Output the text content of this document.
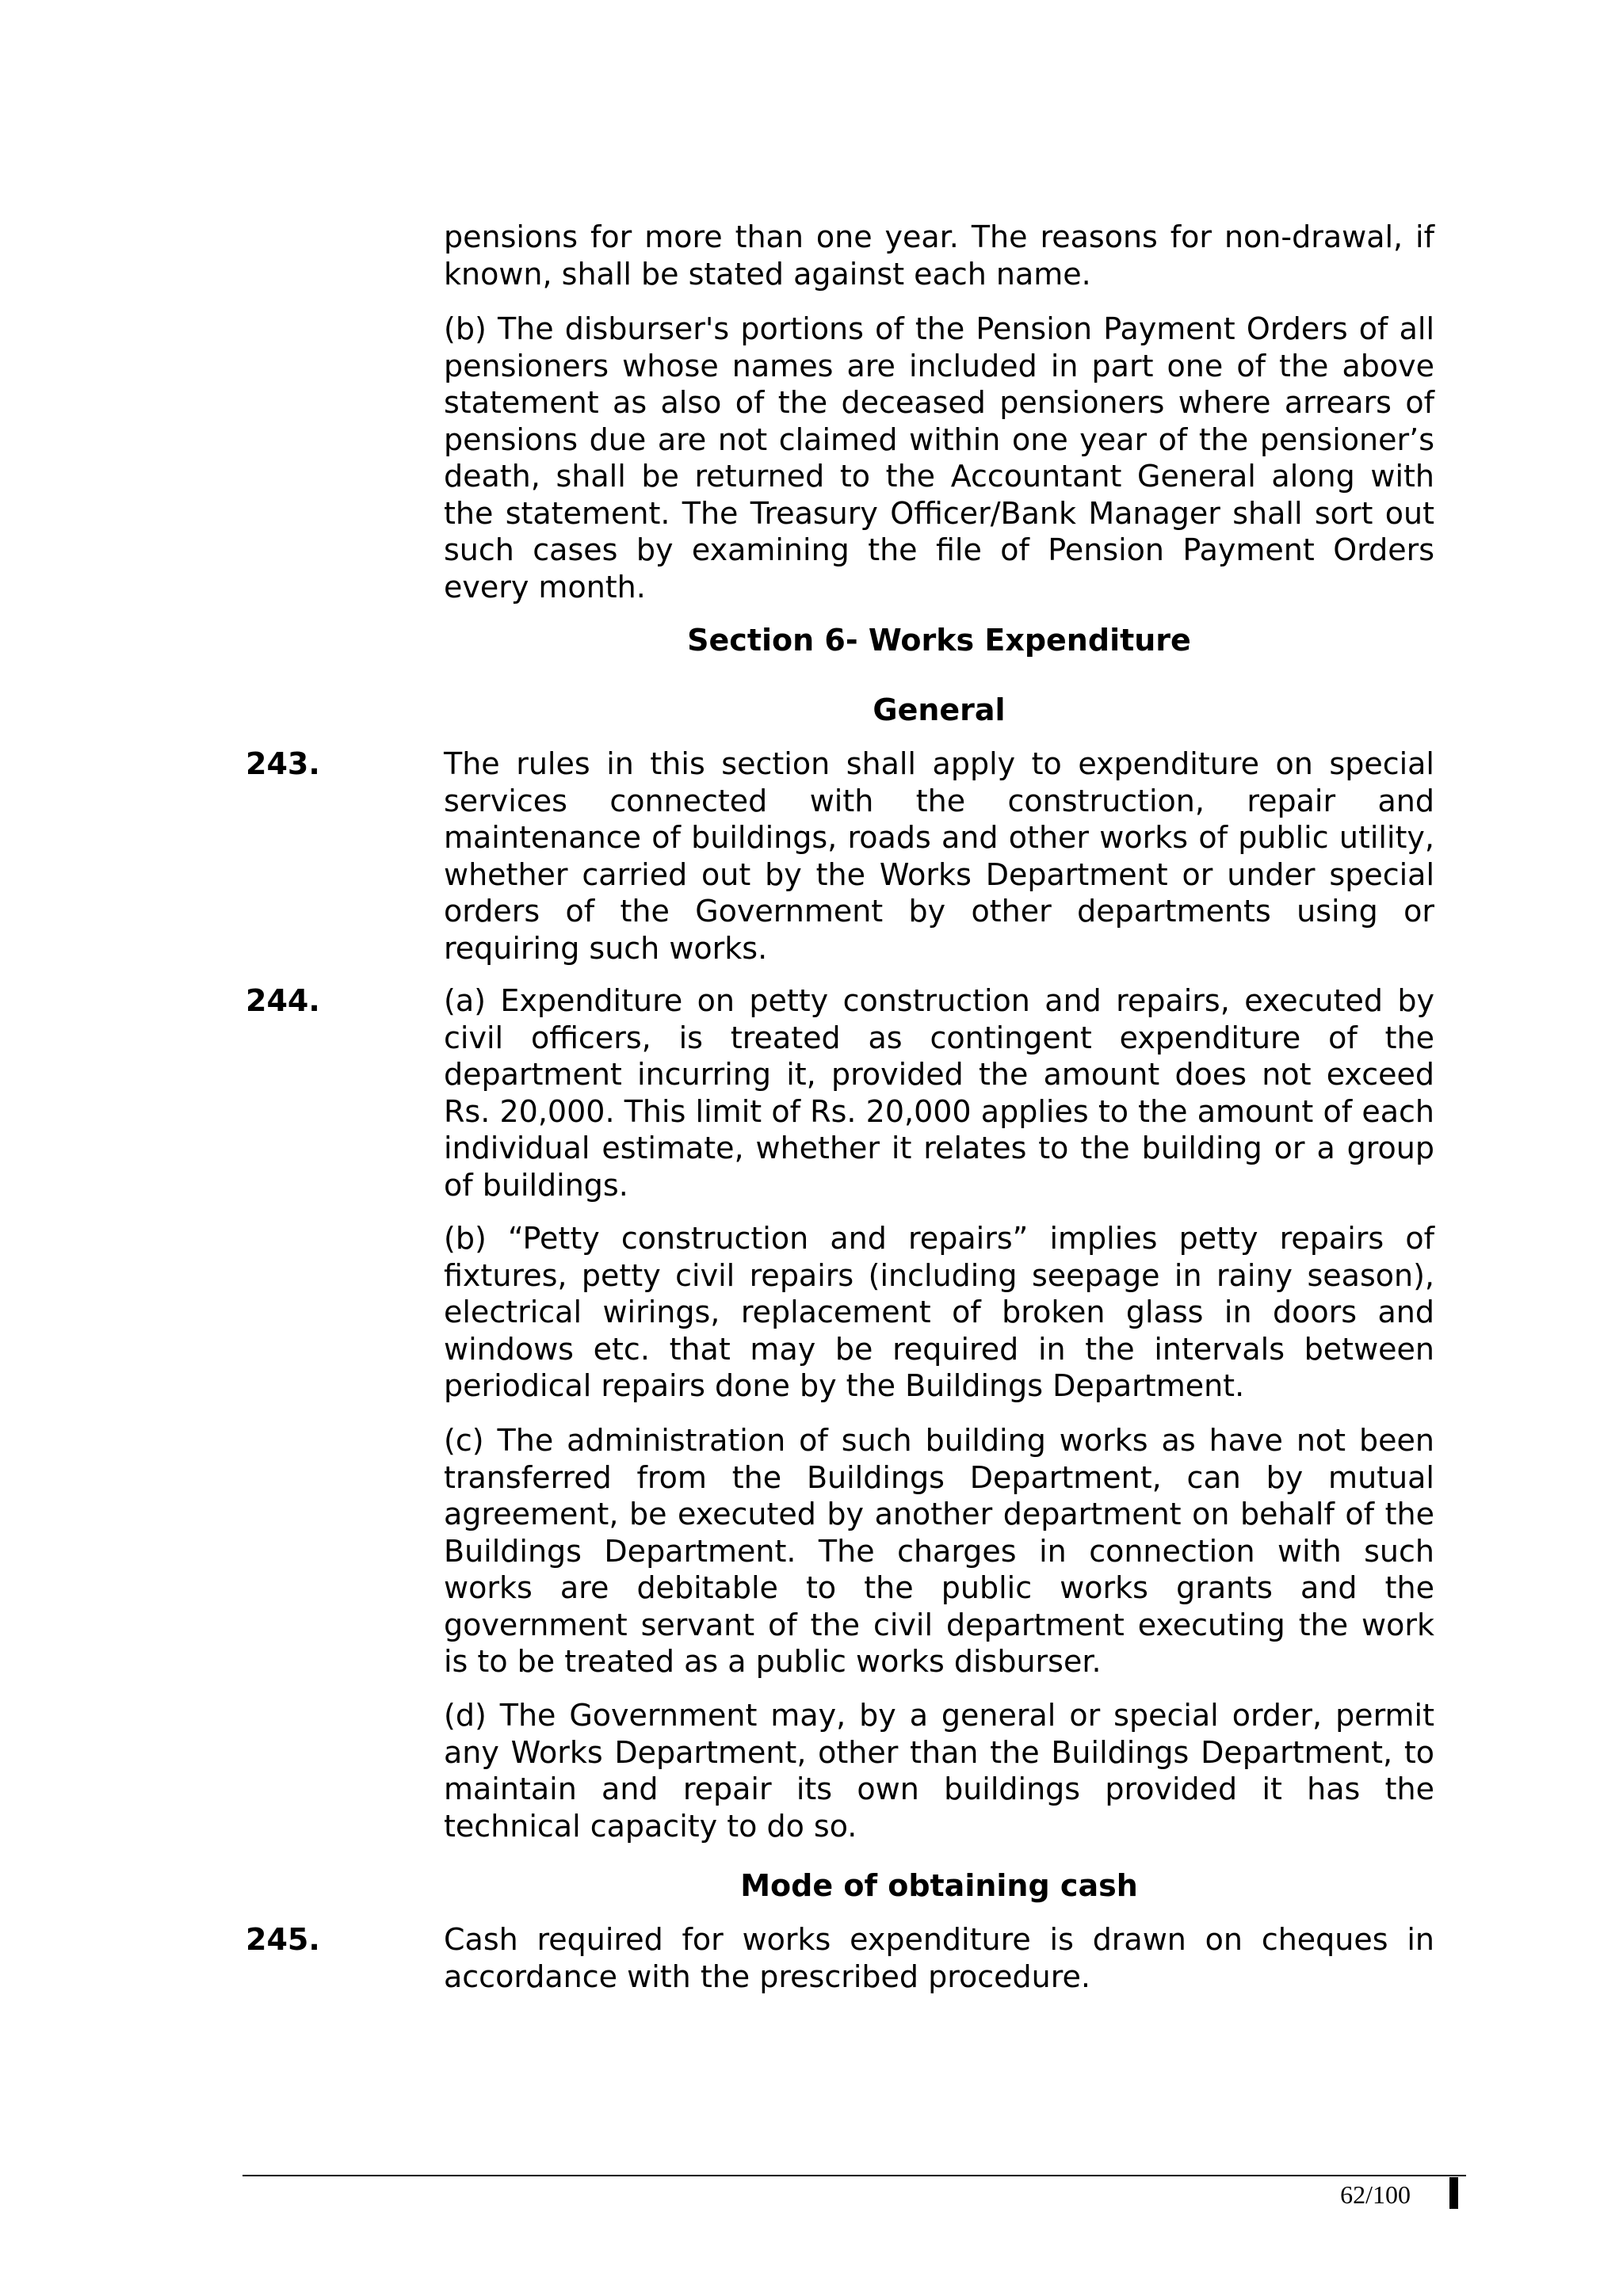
pensions for more than one year. The reasons for non-drawal, if known, shall be stated against each name.

(b) The disburser's portions of the Pension Payment Orders of all pensioners whose names are included in part one of the above statement as also of the deceased pensioners where arrears of pensions due are not claimed within one year of the pensioner’s death, shall be returned to the Accountant General along with the statement. The Treasury Officer/Bank Manager shall sort out such cases by examining the file of Pension Payment Orders every month.

Section 6- Works Expenditure
General
243.	The rules in this section shall apply to expenditure on special services connected with the construction, repair and maintenance of buildings, roads and other works of public utility, whether carried out by the Works Department or under special orders of the Government by other departments using or requiring such works.

244.	(a) Expenditure on petty construction and repairs, executed by civil officers, is treated as contingent expenditure of the department incurring it, provided the amount does not exceed Rs. 20,000. This limit of Rs. 20,000 applies to the amount of each individual estimate, whether it relates to the building or a group of buildings.

(b) “Petty construction and repairs” implies petty repairs of fixtures, petty civil repairs (including seepage in rainy season), electrical wirings, replacement of broken glass in doors and windows etc. that may be required in the intervals between periodical repairs done by the Buildings Department.

(c) The administration of such building works as have not been transferred from the Buildings Department, can by mutual agreement, be executed by another department on behalf of the Buildings Department. The charges in connection with such works are debitable to the public works grants and the government servant of the civil department executing the work is to be treated as a public works disburser.

(d) The Government may, by a general or special order, permit any Works Department, other than the Buildings Department, to maintain and repair its own buildings provided it has the technical capacity to do so.

Mode of obtaining cash
245.	Cash required for works expenditure is drawn on cheques in accordance with the prescribed procedure.

62/100
